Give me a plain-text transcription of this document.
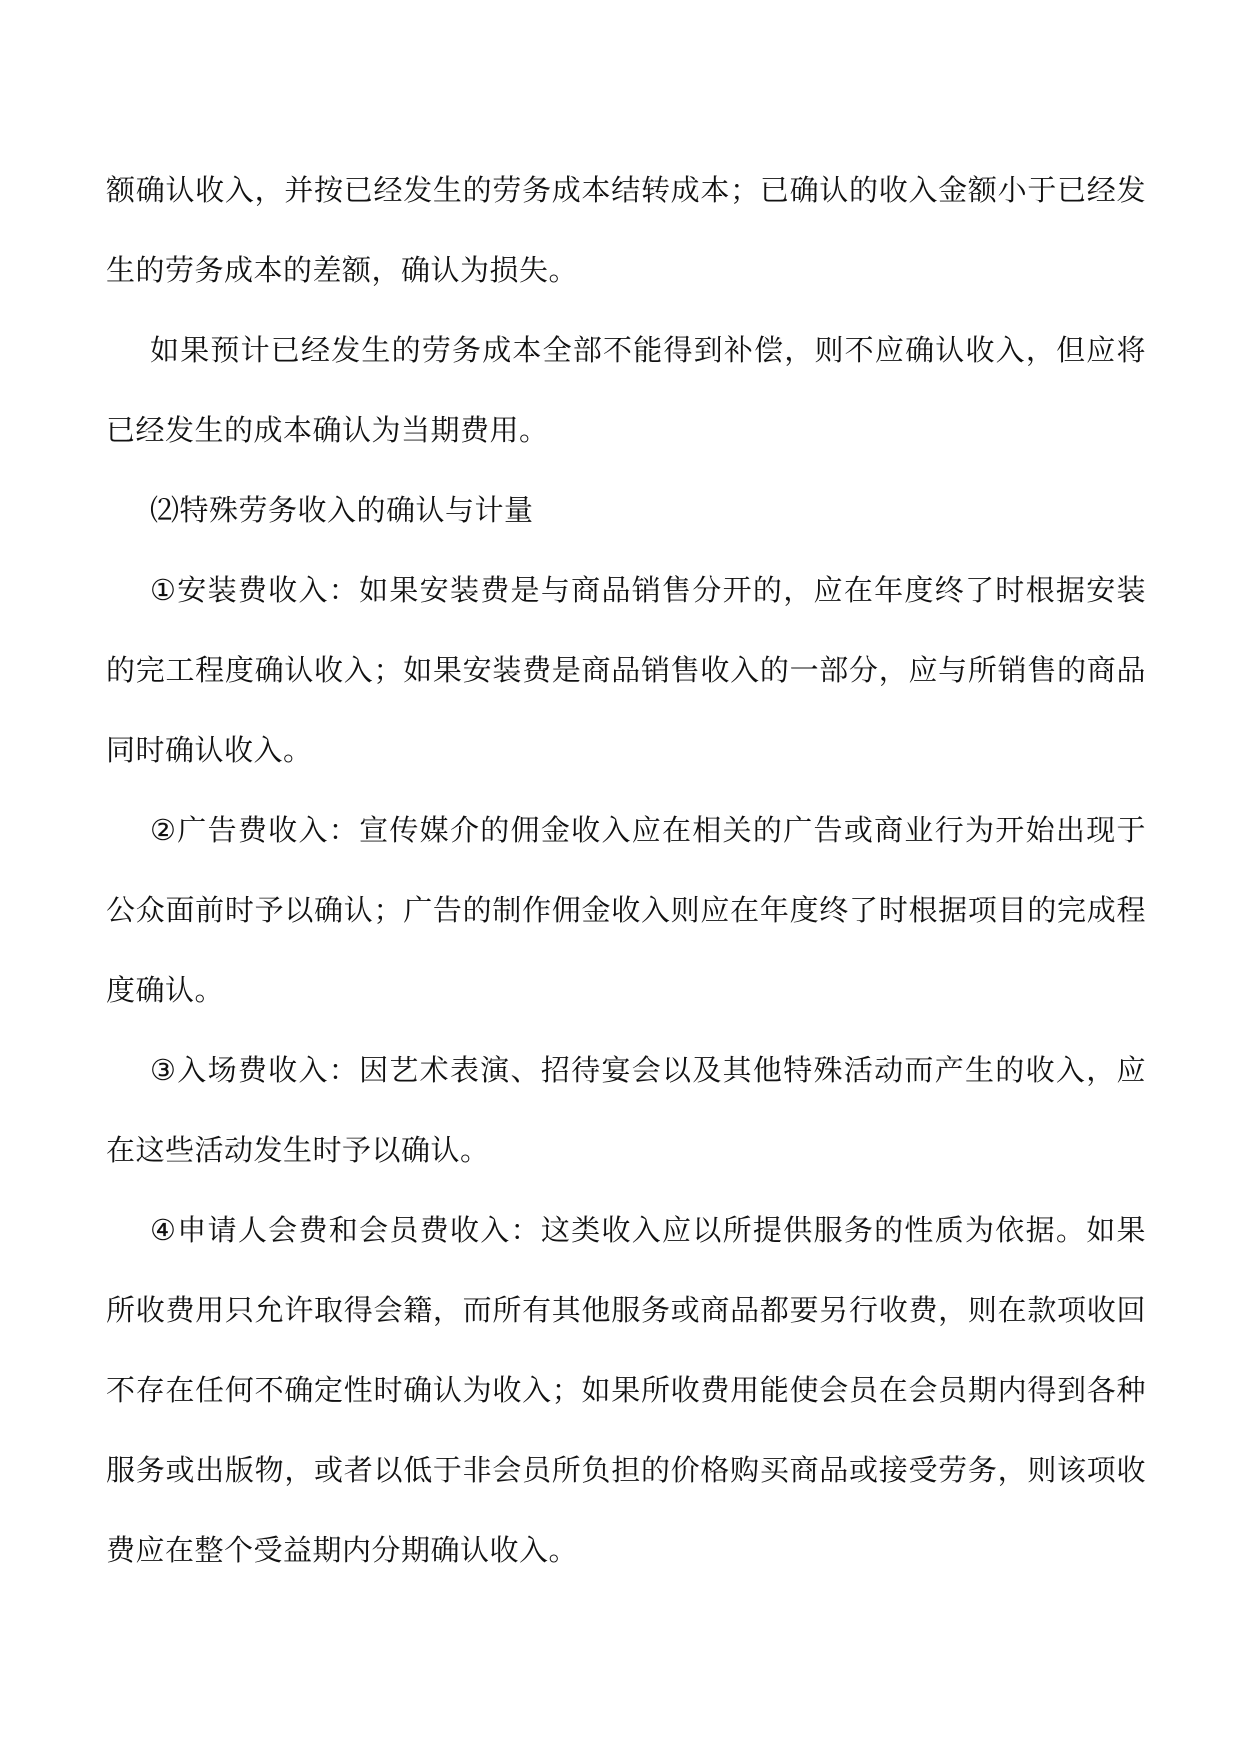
额确认收入，并按已经发生的劳务成本结转成本；已确认的收入金额小于已经发生的劳务成本的差额，确认为损失。

如果预计已经发生的劳务成本全部不能得到补偿，则不应确认收入，但应将已经发生的成本确认为当期费用。

⑵特殊劳务收入的确认与计量

①安装费收入：如果安装费是与商品销售分开的，应在年度终了时根据安装的完工程度确认收入；如果安装费是商品销售收入的一部分，应与所销售的商品同时确认收入。

②广告费收入：宣传媒介的佣金收入应在相关的广告或商业行为开始出现于公众面前时予以确认；广告的制作佣金收入则应在年度终了时根据项目的完成程度确认。

③入场费收入：因艺术表演、招待宴会以及其他特殊活动而产生的收入，应在这些活动发生时予以确认。

④申请人会费和会员费收入：这类收入应以所提供服务的性质为依据。如果所收费用只允许取得会籍，而所有其他服务或商品都要另行收费，则在款项收回不存在任何不确定性时确认为收入；如果所收费用能使会员在会员期内得到各种服务或出版物，或者以低于非会员所负担的价格购买商品或接受劳务，则该项收费应在整个受益期内分期确认收入。
